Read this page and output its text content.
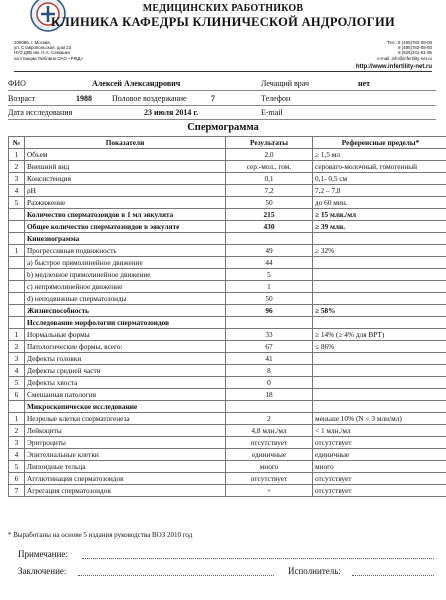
МЕДИЦИНСКИХ РАБОТНИКОВ
КЛИНИКА КАФЕДРЫ КЛИНИЧЕСКОЙ АНДРОЛОГИИ
109086, г. Москва,
ул. Ставропольская, дом 23
НУЗ ДКБ им. Н.А. Семашко
на станции Люблино ОАО «РЖД»
Тел.: 8 (495)782-08-09
8 (495)782-08-93
8 (926)241-61-95
e-mail: info@infertility-net.ru
http://www.infertility-net.ru
ФИО	Алексей Александрович	Лечащий врач	нет
Возраст	1988	Половое воздержание	7	Телефон
Дата исследования	23 июля 2014 г.	E-mail
Спермограмма
№	Показатели	Результаты	Референсные пределы*
1	Объем	2,0	≥ 1,5 мл
2	Внешний вид	сер.-мол., гом.	серовато-молочный, гомогенный
3	Консистенция	0,1	0,1- 0,5 см
4	pH	7,2	7,2 – 7,8
5	Разжижение	50	до 60 мин.
	Количество сперматозоидов в 1 мл эякулята	215	≥ 15 млн./мл
	Общее количество сперматозоидов в эякуляте	430	≥ 39 млн.
	Кинезиограмма		
1	Прогрессивная подвижность	49	≥ 32%
	a) быстрое прямолинейное движение	44	
	b) медленное прямолинейное движение	5	
	c) непрямолинейное движение	1	
	d) неподвижные сперматозоиды	50	
	Жизнеспособность	96	≥ 58%
	Исследование морфологии сперматозоидов		
1	Нормальные формы	33	≥ 14% (≥ 4% для ВРТ)
2	Патологические формы, всего:	67	≤ 86%
3	Дефекты головки	41	
4	Дефекты средней части	8	
5	Дефекты хвоста	0	
6	Смешанная патология	18	
	Микроскопическое исследование		
1	Незрелые клетки сперматогенеза	2	меньше 10% (N < 3 млн/мл)
2	Лейкоциты	4,8 млн./мл	< 1 млн./мл
3	Эритроциты	отсутствует	отсутствует
4	Эпителиальные клетки	единичные	единичные
5	Липоидные тельца	много	много
6	Агглютинация сперматозоидов	отсутствует	отсутствует
7	Агрегация сперматозоидов	+	отсутствует
* Выработаны на основе 5 издания руководства ВОЗ 2010 год
Примечание:
Заключение:	Исполнитель:
